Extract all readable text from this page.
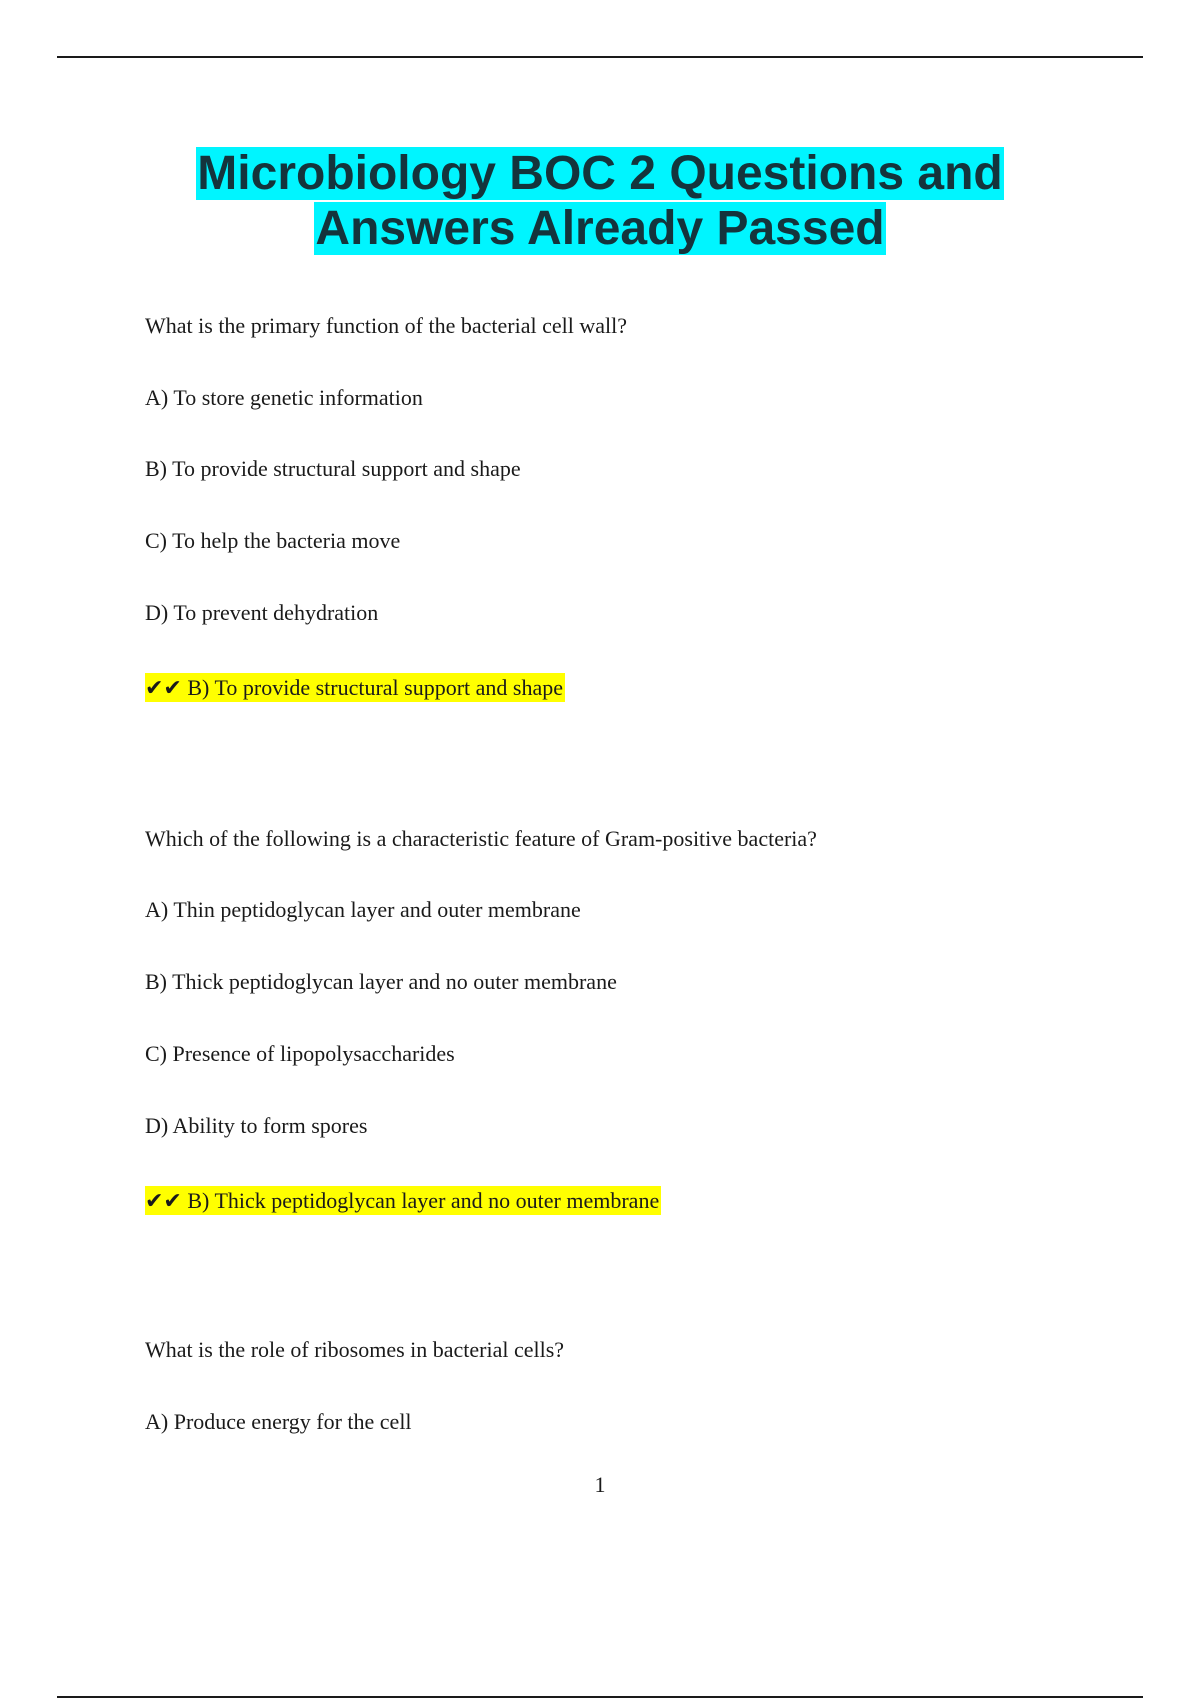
Microbiology BOC 2 Questions and
Answers Already Passed
What is the primary function of the bacterial cell wall?
A) To store genetic information
B) To provide structural support and shape
C) To help the bacteria move
D) To prevent dehydration
✔✔ B) To provide structural support and shape
Which of the following is a characteristic feature of Gram-positive bacteria?
A) Thin peptidoglycan layer and outer membrane
B) Thick peptidoglycan layer and no outer membrane
C) Presence of lipopolysaccharides
D) Ability to form spores
✔✔ B) Thick peptidoglycan layer and no outer membrane
What is the role of ribosomes in bacterial cells?
A) Produce energy for the cell
1
